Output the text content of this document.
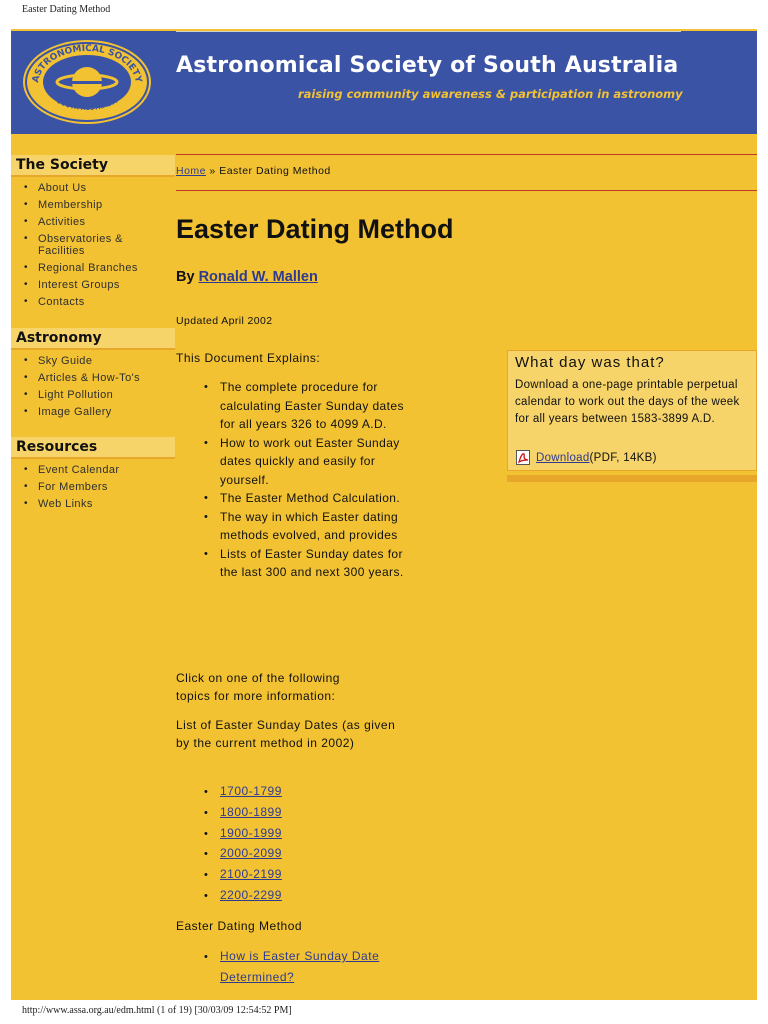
Easter Dating Method
ASTRONOMICAL SOCIETY
SOUTH AUSTRALIA
Astronomical Society of South Australia
raising community awareness & participation in astronomy
The Society
• About Us
• Membership
• Activities
• Observatories & Facilities
• Regional Branches
• Interest Groups
• Contacts
Astronomy
• Sky Guide
• Articles & How-To's
• Light Pollution
• Image Gallery
Resources
• Event Calendar
• For Members
• Web Links
Home » Easter Dating Method
Easter Dating Method
By Ronald W. Mallen
Updated April 2002
This Document Explains:
• The complete procedure for calculating Easter Sunday dates for all years 326 to 4099 A.D.
• How to work out Easter Sunday dates quickly and easily for yourself.
• The Easter Method Calculation.
• The way in which Easter dating methods evolved, and provides
• Lists of Easter Sunday dates for the last 300 and next 300 years.
Click on one of the following topics for more information:
List of Easter Sunday Dates (as given by the current method in 2002)
• 1700-1799
• 1800-1899
• 1900-1999
• 2000-2099
• 2100-2199
• 2200-2299
Easter Dating Method
• How is Easter Sunday Date Determined?
What day was that?
Download a one-page printable perpetual calendar to work out the days of the week for all years between 1583-3899 A.D.
Download (PDF, 14KB)
http://www.assa.org.au/edm.html (1 of 19) [30/03/09 12:54:52 PM]
